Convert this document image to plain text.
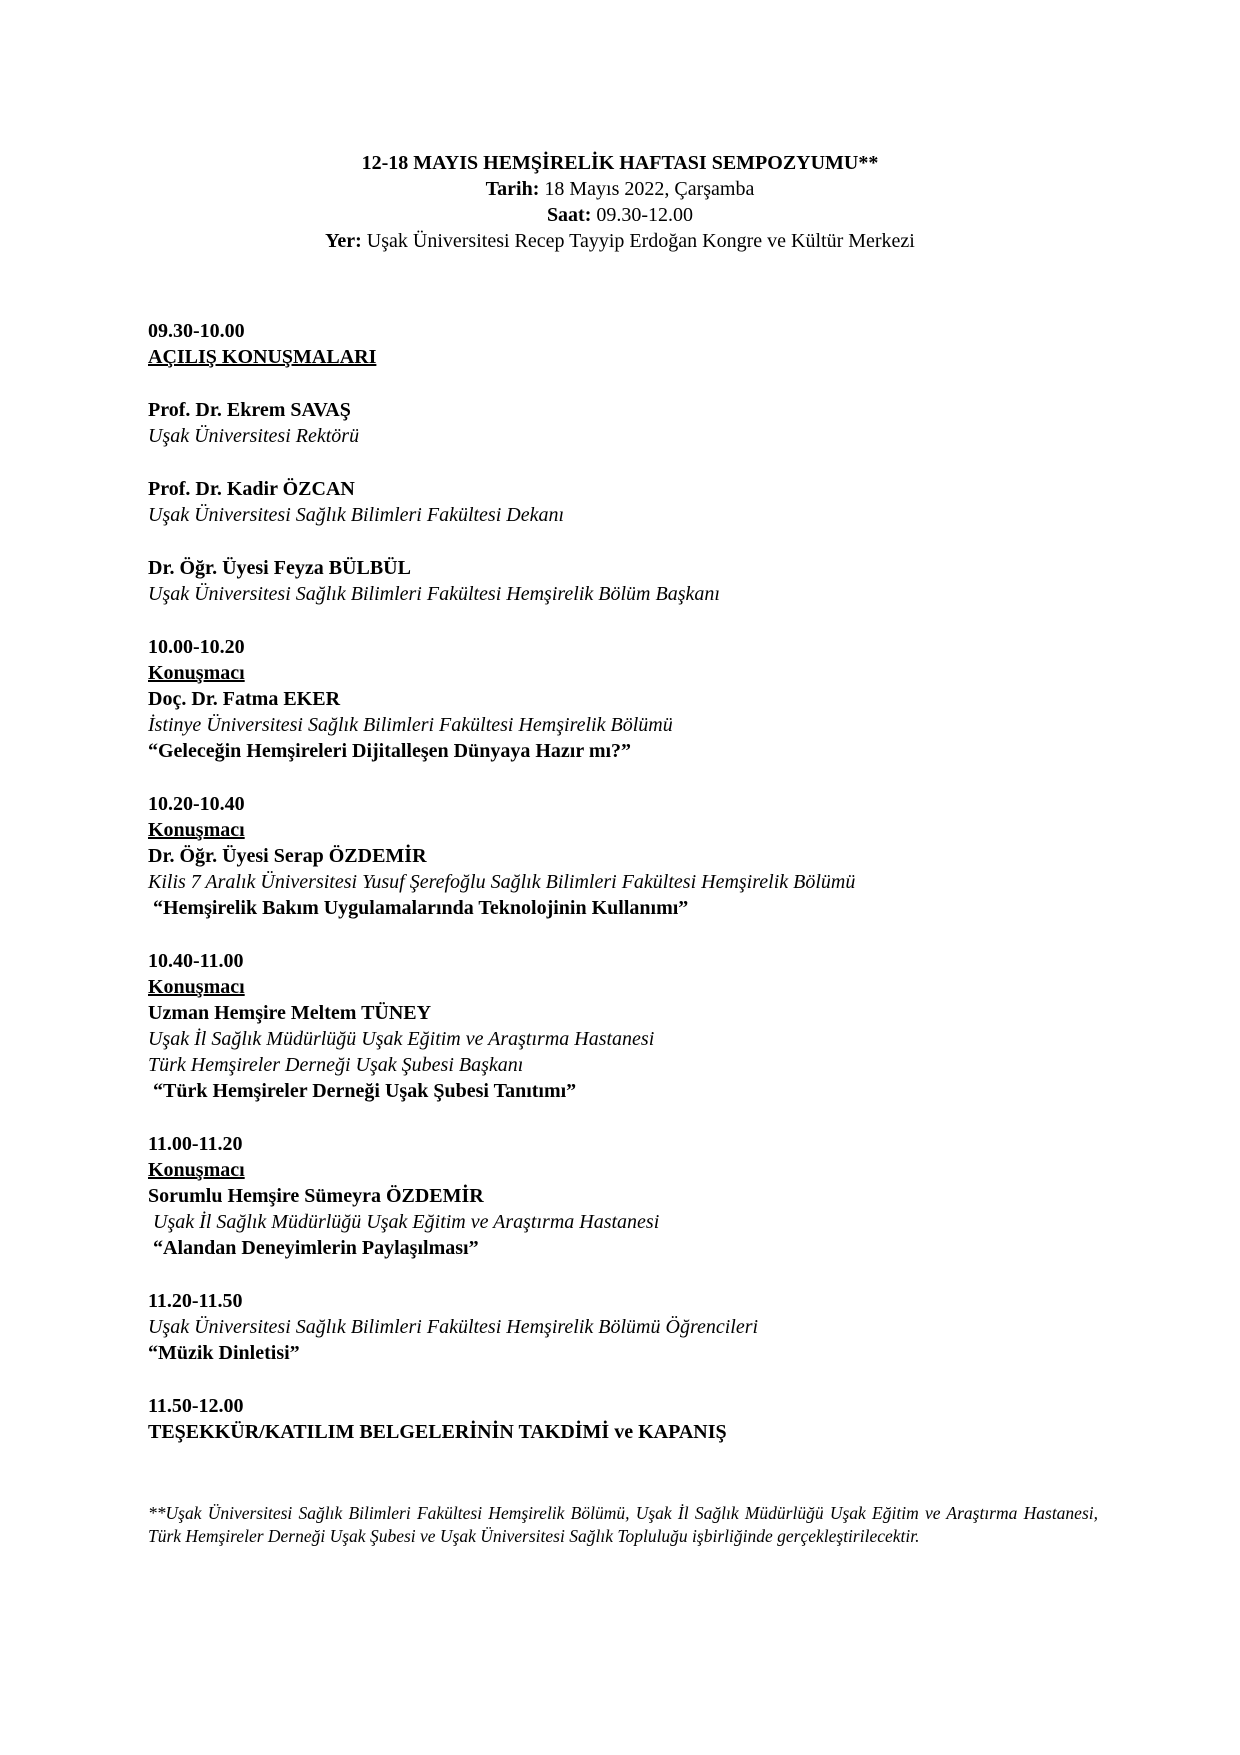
12-18 MAYIS HEMŞİRELİK HAFTASI SEMPOZYUMU**
Tarih: 18 Mayıs 2022, Çarşamba
Saat: 09.30-12.00
Yer: Uşak Üniversitesi Recep Tayyip Erdoğan Kongre ve Kültür Merkezi
09.30-10.00
AÇILIŞ KONUŞMALARI
Prof. Dr. Ekrem SAVAŞ
Uşak Üniversitesi Rektörü
Prof. Dr. Kadir ÖZCAN
Uşak Üniversitesi Sağlık Bilimleri Fakültesi Dekanı
Dr. Öğr. Üyesi Feyza BÜLBÜL
Uşak Üniversitesi Sağlık Bilimleri Fakültesi Hemşirelik Bölüm Başkanı
10.00-10.20
Konuşmacı
Doç. Dr. Fatma EKER
İstinye Üniversitesi Sağlık Bilimleri Fakültesi Hemşirelik Bölümü
“Geleceğin Hemşireleri Dijitalleşen Dünyaya Hazır mı?”
10.20-10.40
Konuşmacı
Dr. Öğr. Üyesi Serap ÖZDEMİR
Kilis 7 Aralık Üniversitesi Yusuf Şerefoğlu Sağlık Bilimleri Fakültesi Hemşirelik Bölümü
“Hemşirelik Bakım Uygulamalarında Teknolojinin Kullanımı”
10.40-11.00
Konuşmacı
Uzman Hemşire Meltem TÜNEY
Uşak İl Sağlık Müdürlüğü Uşak Eğitim ve Araştırma Hastanesi
Türk Hemşireler Derneği Uşak Şubesi Başkanı
“Türk Hemşireler Derneği Uşak Şubesi Tanıtımı”
11.00-11.20
Konuşmacı
Sorumlu Hemşire Sümeyra ÖZDEMİR
Uşak İl Sağlık Müdürlüğü Uşak Eğitim ve Araştırma Hastanesi
“Alandan Deneyimlerin Paylaşılması”
11.20-11.50
Uşak Üniversitesi Sağlık Bilimleri Fakültesi Hemşirelik Bölümü Öğrencileri
“Müzik Dinletisi”
11.50-12.00
TEŞEKKÜR/KATILIM BELGELERİNİN TAKDİMİ ve KAPANIŞ
**Uşak Üniversitesi Sağlık Bilimleri Fakültesi Hemşirelik Bölümü, Uşak İl Sağlık Müdürlüğü Uşak Eğitim ve Araştırma Hastanesi, Türk Hemşireler Derneği Uşak Şubesi ve Uşak Üniversitesi Sağlık Topluluğu işbirliğinde gerçekleştirilecektir.
